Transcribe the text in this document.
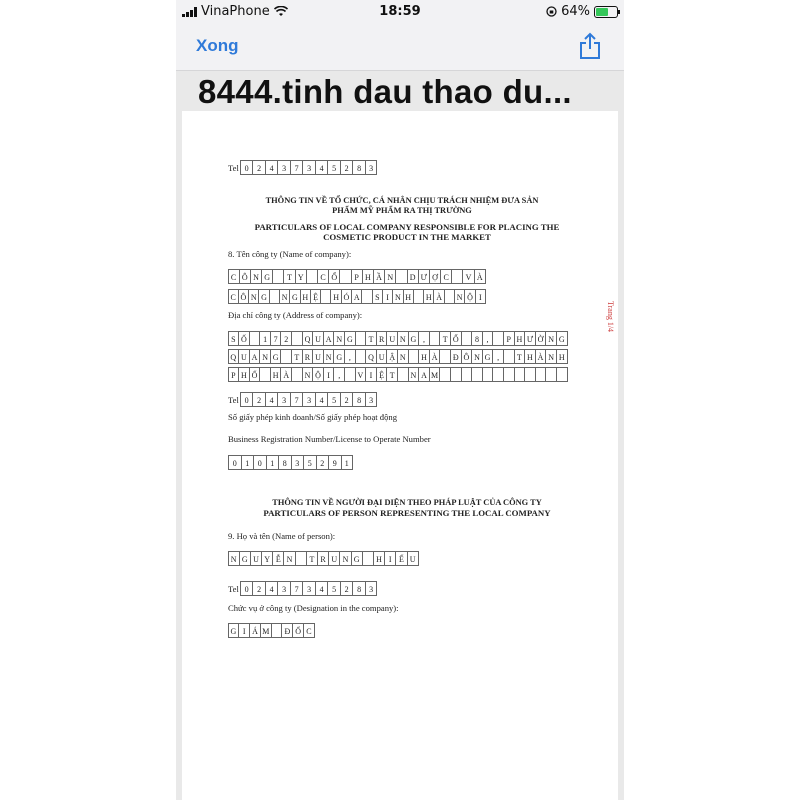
VinaPhone	18:59	64%
Xong
8444.tinh dau thao du...
Tel 0	2	4	3	7	3	4	5	2	8	3
THÔNG TIN VỀ TỔ CHỨC, CÁ NHÂN CHỊU TRÁCH NHIỆM ĐƯA SẢN
PHẨM MỸ PHẨM RA THỊ TRƯỜNG
PARTICULARS OF LOCAL COMPANY RESPONSIBLE FOR PLACING THE
COSMETIC PRODUCT IN THE MARKET
8. Tên công ty (Name of company):
C Ô N G	T Y	C Ổ	P H Ầ N	D Ư Ợ C	V À
C Ô N G	N G H Ệ	H Ó A	S I N H	H À	N Ộ I
Địa chỉ công ty (Address of company):
S Ố	1 7 2	Q U A N G	T R U N G ,	T Ổ	8 ,	P H Ư Ờ N G
Q U A N G	T R U N G ,	Q U Ậ N	H À	Đ Ô N G ,	T H À N H
P H Ố	H À	N Ộ I	,	V I Ệ T	N A M
Tel 0	2	4	3	7	3	4	5	2	8	3
Số giấy phép kinh doanh/Số giấy phép hoạt động
Business Registration Number/License to Operate Number
0	1	0	1	8	3	5	2	9	1
THÔNG TIN VỀ NGƯỜI ĐẠI DIỆN THEO PHÁP LUẬT CỦA CÔNG TY
PARTICULARS OF PERSON REPRESENTING THE LOCAL COMPANY
9. Họ và tên (Name of person):
N G U Y Ễ N	T R U N G	H I Ế U
Tel 0	2	4	3	7	3	4	5	2	8	3
Chức vụ ở công ty (Designation in the company):
G I Á M	Đ Ố C
Trang 1/4
